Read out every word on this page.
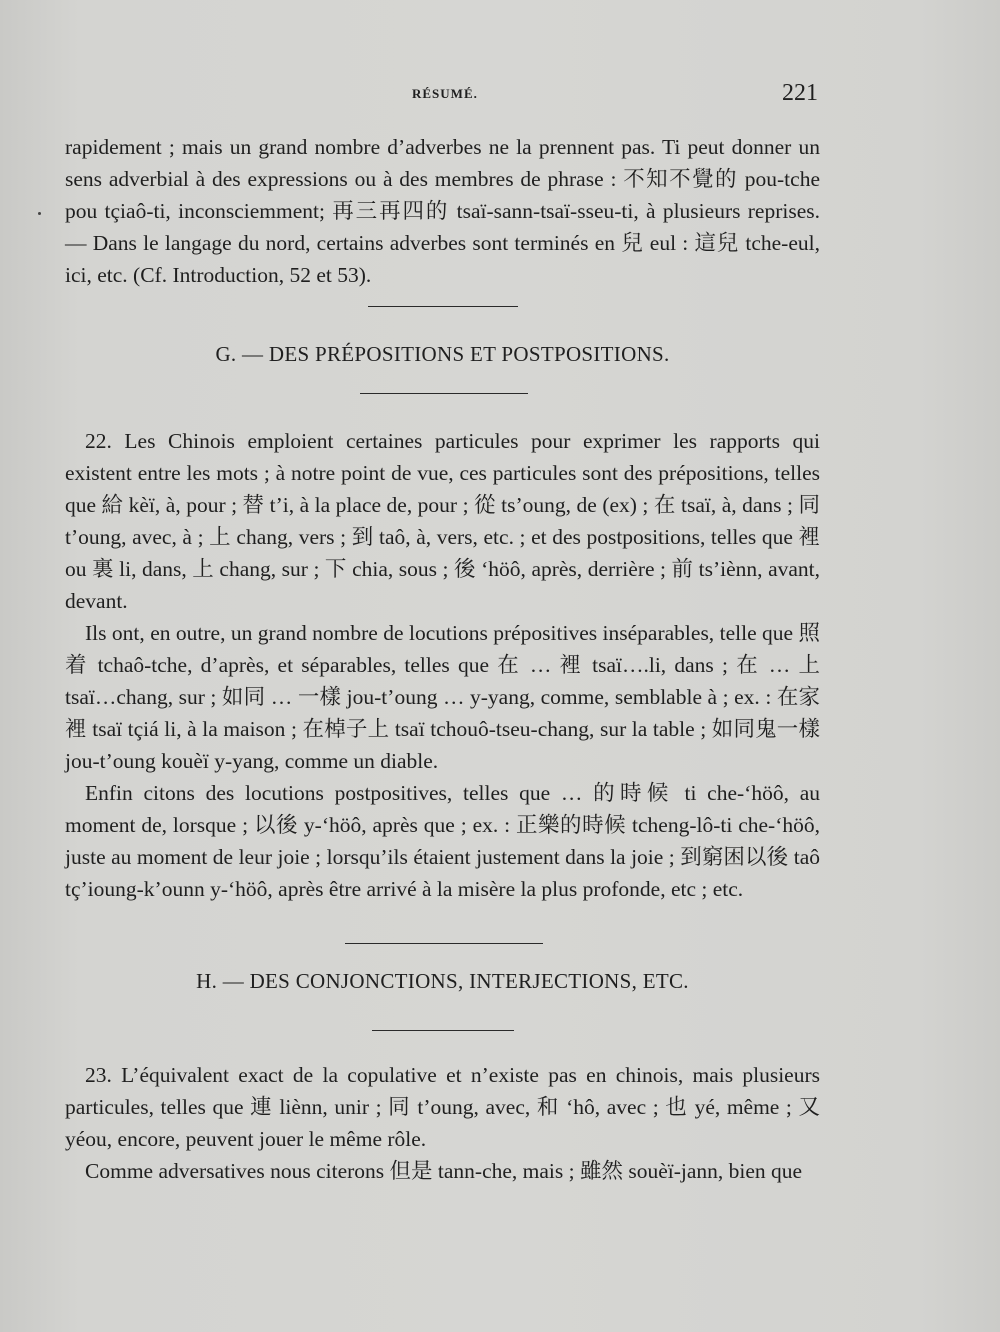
RÉSUMÉ.	221

rapidement ; mais un grand nombre d’adverbes ne la prennent pas. Ti peut donner un sens adverbial à des expressions ou à des membres de phrase : 不知不覺的 pou-tche pou tçiaô-ti, inconsciemment; 再三再四的 tsaï-sann-tsaï-sseu-ti, à plusieurs reprises. — Dans le langage du nord, certains adverbes sont terminés en 兒 eul : 這兒 tche-eul, ici, etc. (Cf. Introduction, 52 et 53).

G. — DES PRÉPOSITIONS ET POSTPOSITIONS.

22. Les Chinois emploient certaines particules pour exprimer les rapports qui existent entre les mots ; à notre point de vue, ces particules sont des prépositions, telles que 給 kèï, à, pour ; 替 t’i, à la place de, pour ; 從 ts’oung, de (ex) ; 在 tsaï, à, dans ; 同 t’oung, avec, à ; 上 chang, vers ; 到 taô, à, vers, etc. ; et des postpositions, telles que 裡 ou 裏 li, dans, 上 chang, sur ; 下 chia, sous ; 後 ‘höô, après, derrière ; 前 ts’iènn, avant, devant.

Ils ont, en outre, un grand nombre de locutions prépositives inséparables, telle que 照着 tchaô-tche, d’après, et séparables, telles que 在 … 裡 tsaï….li, dans ; 在 … 上 tsaï…chang, sur ; 如同 … 一樣 jou-t’oung … y-yang, comme, semblable à ; ex. : 在家裡 tsaï tçiá li, à la maison ; 在棹子上 tsaï tchouô-tseu-chang, sur la table ; 如同鬼一樣 jou-t’oung kouèï y-yang, comme un diable.

Enfin citons des locutions postpositives, telles que … 的時候 ti che-‘höô, au moment de, lorsque ; 以後 y-‘höô, après que ; ex. : 正樂的時候 tcheng-lô-ti che-‘höô, juste au moment de leur joie ; lorsqu’ils étaient justement dans la joie ; 到窮困以後 taô tç’ioung-k’ounn y-‘höô, après être arrivé à la misère la plus profonde, etc ; etc.

H. — DES CONJONCTIONS, INTERJECTIONS, ETC.

23. L’équivalent exact de la copulative et n’existe pas en chinois, mais plusieurs particules, telles que 連 liènn, unir ; 同 t’oung, avec, 和 ‘hô, avec ; 也 yé, même ; 又 yéou, encore, peuvent jouer le même rôle.

Comme adversatives nous citerons 但是 tann-che, mais ; 雖然 souèï-jann, bien que
